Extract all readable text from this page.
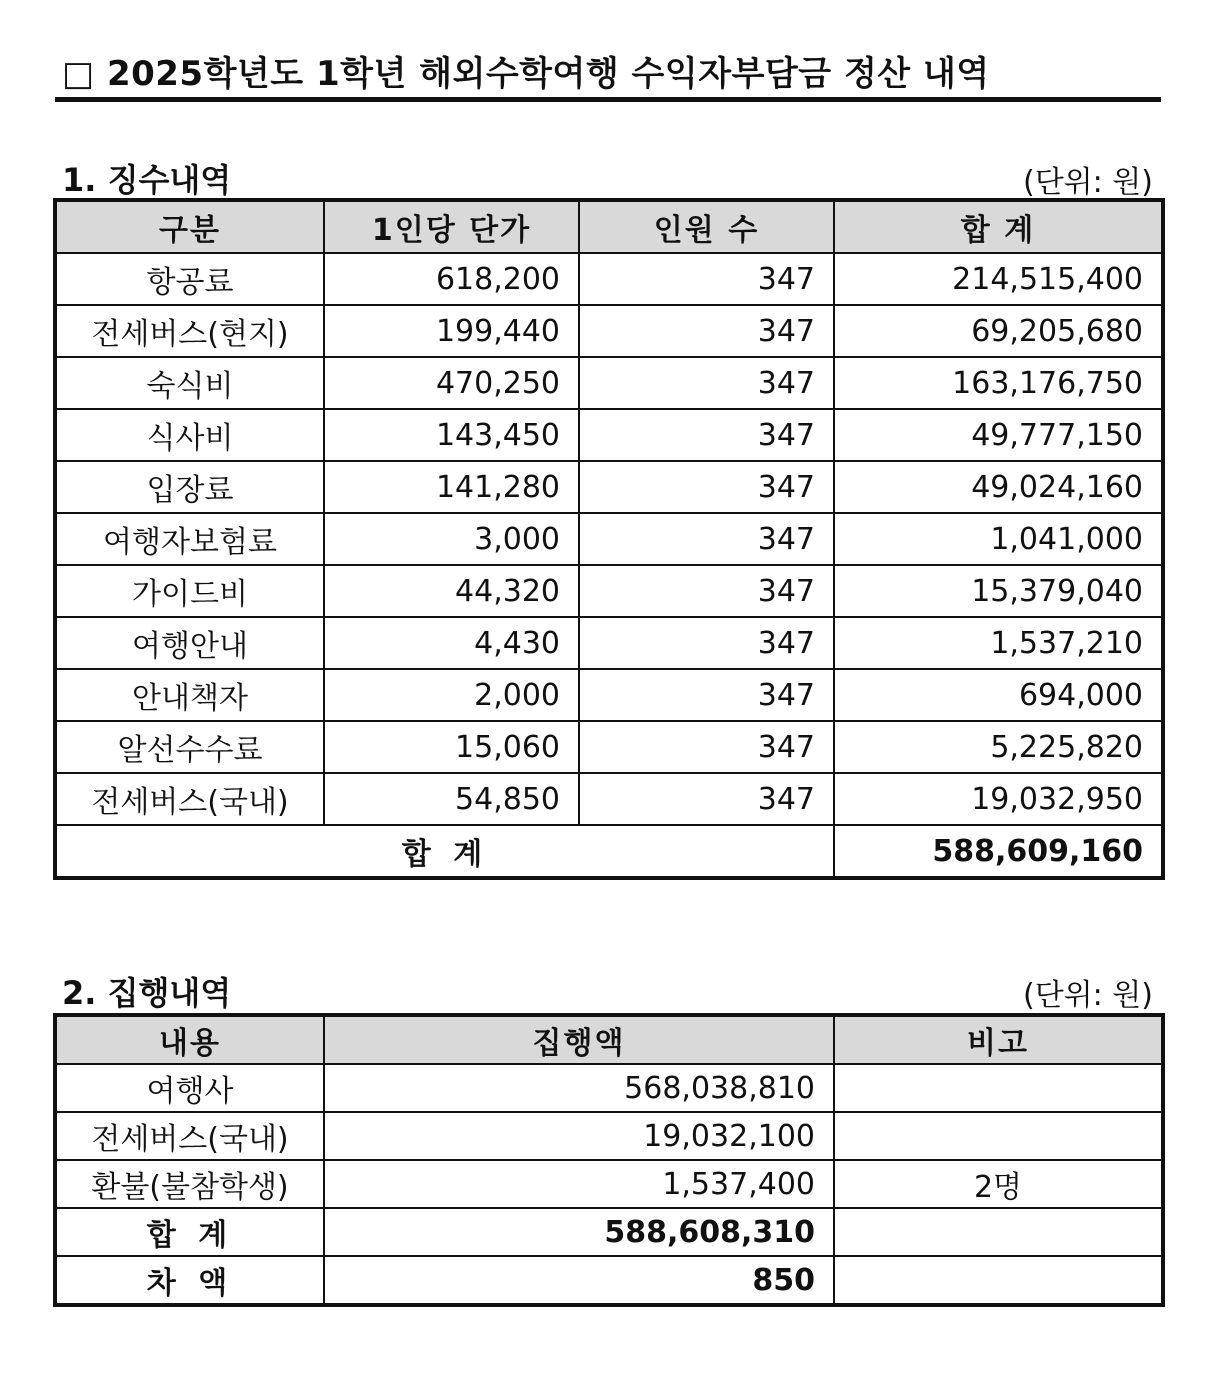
□ 2025학년도 1학년 해외수학여행 수익자부담금 정산 내역
1. 징수내역	(단위: 원)
구분	1인당 단가	인원 수	합 계
항공료	618,200	347	214,515,400
전세버스(현지)	199,440	347	69,205,680
숙식비	470,250	347	163,176,750
식사비	143,450	347	49,777,150
입장료	141,280	347	49,024,160
여행자보험료	3,000	347	1,041,000
가이드비	44,320	347	15,379,040
여행안내	4,430	347	1,537,210
안내책자	2,000	347	694,000
알선수수료	15,060	347	5,225,820
전세버스(국내)	54,850	347	19,032,950
합 계			588,609,160
2. 집행내역	(단위: 원)
내용	집행액	비고
여행사	568,038,810	
전세버스(국내)	19,032,100	
환불(불참학생)	1,537,400	2명
합 계	588,608,310	
차 액	850	
